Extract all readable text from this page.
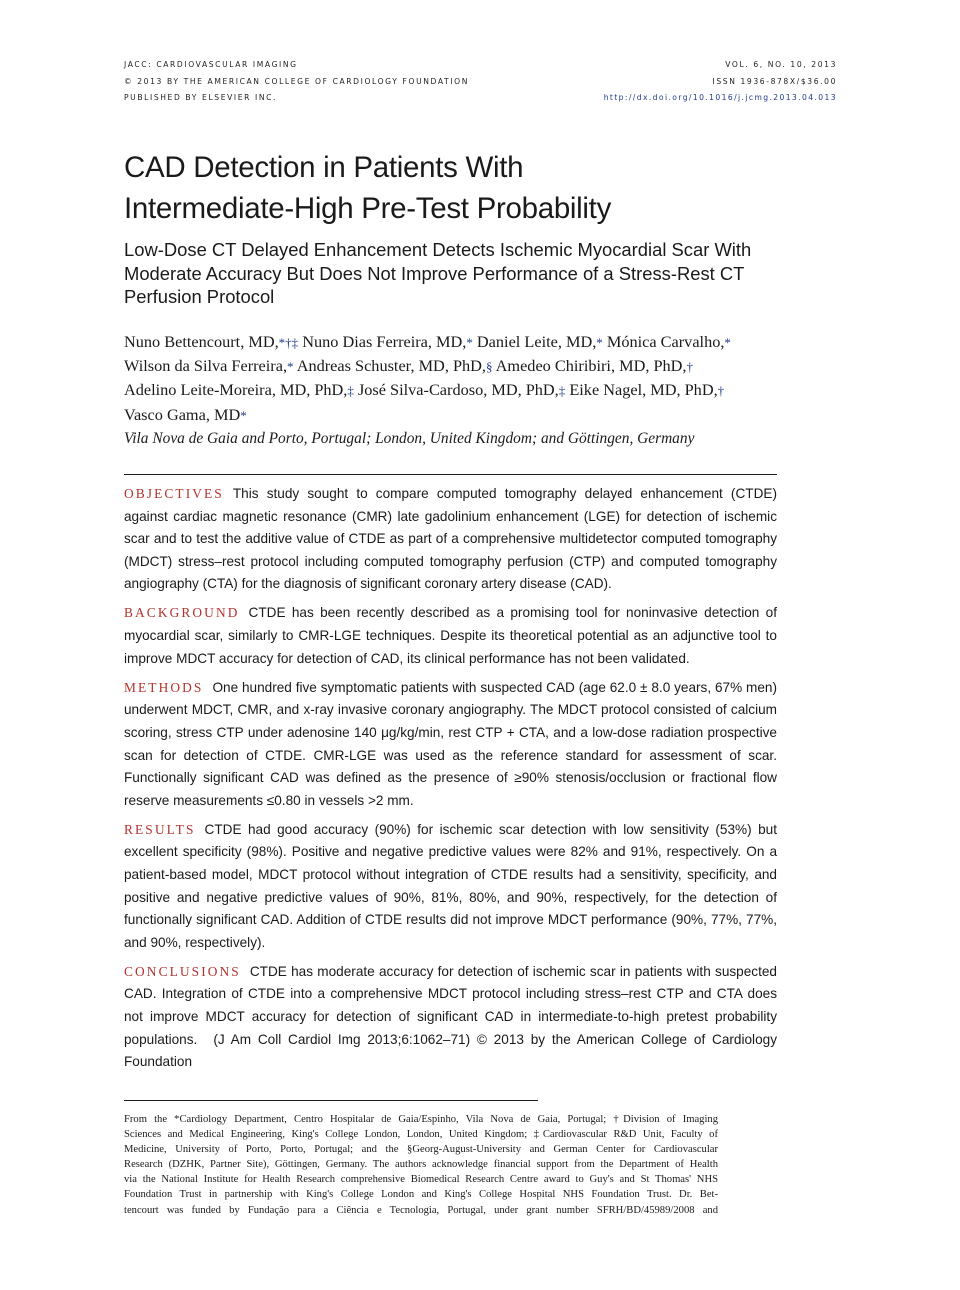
JACC: CARDIOVASCULAR IMAGING
© 2013 BY THE AMERICAN COLLEGE OF CARDIOLOGY FOUNDATION
PUBLISHED BY ELSEVIER INC.
VOL. 6, NO. 10, 2013
ISSN 1936-878X/$36.00
http://dx.doi.org/10.1016/j.jcmg.2013.04.013
CAD Detection in Patients With
Intermediate-High Pre-Test Probability
Low-Dose CT Delayed Enhancement Detects Ischemic Myocardial Scar With Moderate Accuracy But Does Not Improve Performance of a Stress-Rest CT Perfusion Protocol
Nuno Bettencourt, MD,*†‡ Nuno Dias Ferreira, MD,* Daniel Leite, MD,* Mónica Carvalho,*
Wilson da Silva Ferreira,* Andreas Schuster, MD, PhD,§ Amedeo Chiribiri, MD, PhD,†
Adelino Leite-Moreira, MD, PhD,‡ José Silva-Cardoso, MD, PhD,‡ Eike Nagel, MD, PhD,†
Vasco Gama, MD*
Vila Nova de Gaia and Porto, Portugal; London, United Kingdom; and Göttingen, Germany

OBJECTIVES This study sought to compare computed tomography delayed enhancement (CTDE) against cardiac magnetic resonance (CMR) late gadolinium enhancement (LGE) for detection of ischemic scar and to test the additive value of CTDE as part of a comprehensive multidetector computed tomography (MDCT) stress–rest protocol including computed tomography perfusion (CTP) and computed tomography angiography (CTA) for the diagnosis of significant coronary artery disease (CAD).

BACKGROUND CTDE has been recently described as a promising tool for noninvasive detection of myocardial scar, similarly to CMR-LGE techniques. Despite its theoretical potential as an adjunctive tool to improve MDCT accuracy for detection of CAD, its clinical performance has not been validated.

METHODS One hundred five symptomatic patients with suspected CAD (age 62.0 ± 8.0 years, 67% men) underwent MDCT, CMR, and x-ray invasive coronary angiography. The MDCT protocol consisted of calcium scoring, stress CTP under adenosine 140 μg/kg/min, rest CTP + CTA, and a low-dose radiation prospective scan for detection of CTDE. CMR-LGE was used as the reference standard for assessment of scar. Functionally significant CAD was defined as the presence of ≥90% stenosis/occlusion or fractional flow reserve measurements ≤0.80 in vessels >2 mm.

RESULTS CTDE had good accuracy (90%) for ischemic scar detection with low sensitivity (53%) but excellent specificity (98%). Positive and negative predictive values were 82% and 91%, respectively. On a patient-based model, MDCT protocol without integration of CTDE results had a sensitivity, specificity, and positive and negative predictive values of 90%, 81%, 80%, and 90%, respectively, for the detection of functionally significant CAD. Addition of CTDE results did not improve MDCT performance (90%, 77%, 77%, and 90%, respectively).

CONCLUSIONS CTDE has moderate accuracy for detection of ischemic scar in patients with suspected CAD. Integration of CTDE into a comprehensive MDCT protocol including stress–rest CTP and CTA does not improve MDCT accuracy for detection of significant CAD in intermediate-to-high pretest probability populations. (J Am Coll Cardiol Img 2013;6:1062–71) © 2013 by the American College of Cardiology Foundation

From the *Cardiology Department, Centro Hospitalar de Gaia/Espinho, Vila Nova de Gaia, Portugal; †Division of Imaging
Sciences and Medical Engineering, King's College London, London, United Kingdom; ‡Cardiovascular R&D Unit, Faculty of
Medicine, University of Porto, Porto, Portugal; and the §Georg-August-University and German Center for Cardiovascular
Research (DZHK, Partner Site), Göttingen, Germany. The authors acknowledge financial support from the Department of Health
via the National Institute for Health Research comprehensive Biomedical Research Centre award to Guy's and St Thomas' NHS
Foundation Trust in partnership with King's College London and King's College Hospital NHS Foundation Trust. Dr. Bet-
tencourt was funded by Fundação para a Ciência e Tecnologia, Portugal, under grant number SFRH/BD/45989/2008 and
